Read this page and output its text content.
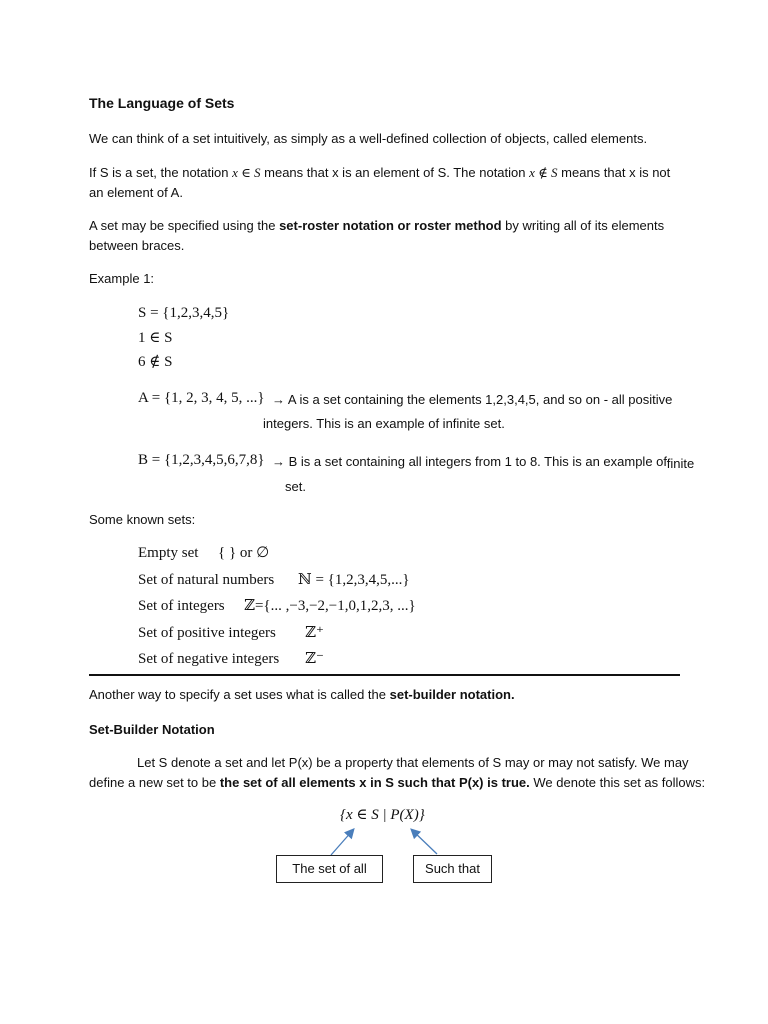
The Language of Sets
We can think of a set intuitively, as simply as a well-defined collection of objects, called elements.
If S is a set, the notation x ∈ S means that x is an element of S. The notation x ∉ S means that x is not
an element of A.
A set may be specified using the set-roster notation or roster method by writing all of its elements
between braces.
Example 1:
S = {1,2,3,4,5}
1 ∈ S
6 ∉ S
A = {1, 2, 3, 4, 5, ...} → A is a set containing the elements 1,2,3,4,5, and so on - all positive
integers. This is an example of infinite set.
B = {1,2,3,4,5,6,7,8} → B is a set containing all integers from 1 to 8. This is an example offinite
set.
Some known sets:
Empty set { } or ∅
Set of natural numbers ℕ = {1,2,3,4,5,...}
Set of integers ℤ={... ,−3,−2,−1,0,1,2,3, ...}
Set of positive integers ℤ⁺
Set of negative integers ℤ⁻
Another way to specify a set uses what is called the set-builder notation.
Set-Builder Notation
Let S denote a set and let P(x) be a property that elements of S may or may not satisfy. We may
define a new set to be the set of all elements x in S such that P(x) is true. We denote this set as follows:
{x ∈ S | P(X)}
The set of all	Such that
